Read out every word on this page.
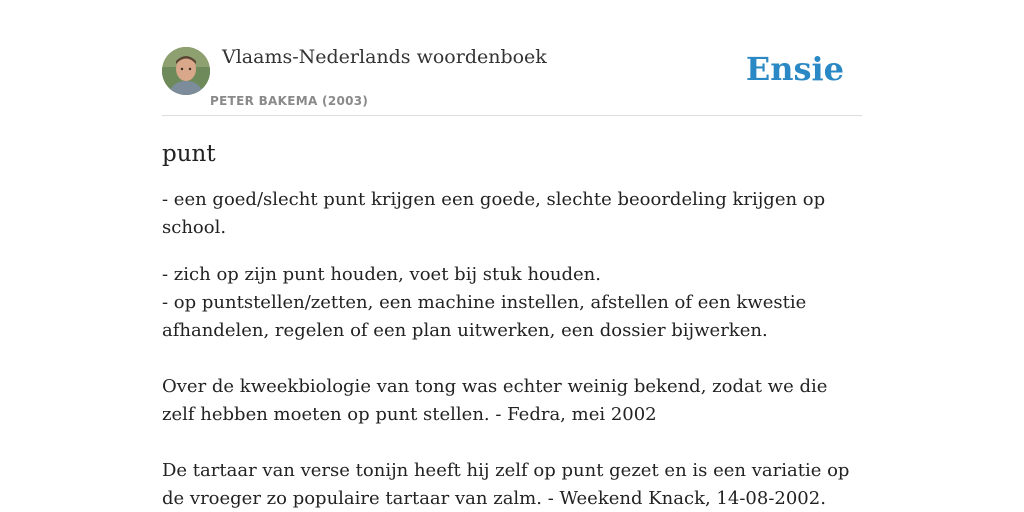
Vlaams-Nederlands woordenboek
PETER BAKEMA (2003)
Ensie
punt

- een goed/slecht punt krijgen een goede, slechte beoordeling krijgen op school.

- zich op zijn punt houden, voet bij stuk houden.
- op puntstellen/zetten, een machine instellen, afstellen of een kwestie afhandelen, regelen of een plan uitwerken, een dossier bijwerken.

Over de kweekbiologie van tong was echter weinig bekend, zodat we die zelf hebben moeten op punt stellen. - Fedra, mei 2002

De tartaar van verse tonijn heeft hij zelf op punt gezet en is een variatie op de vroeger zo populaire tartaar van zalm. - Weekend Knack, 14-08-2002.
